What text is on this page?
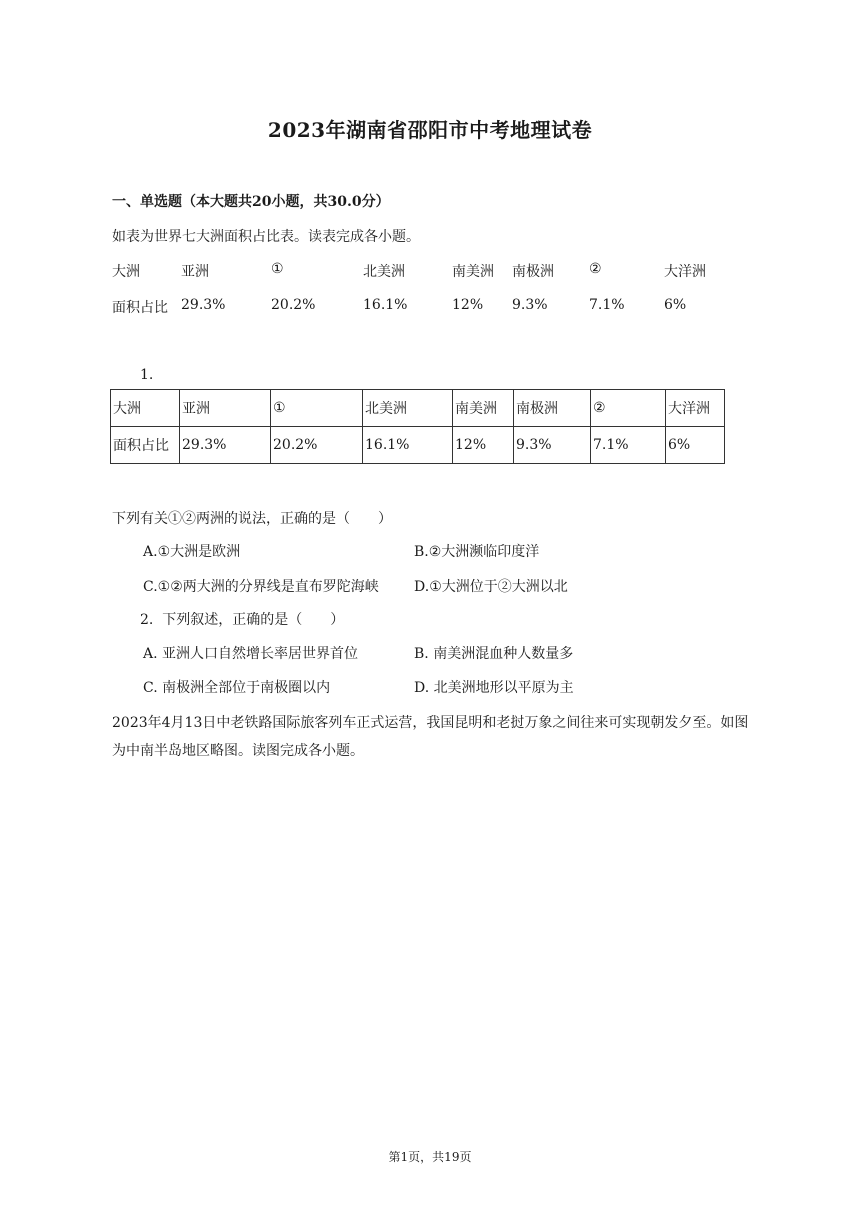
2023年湖南省邵阳市中考地理试卷
一、单选题（本大题共20小题，共30.0分）
如表为世界七大洲面积占比表。读表完成各小题。
大洲	亚洲	①	北美洲	南美洲 南极洲	②	大洋洲
面积占比 29.3%	20.2%	16.1%	12% 9.3%	7.1%	6%
1.
大洲	亚洲	①	北美洲	南美洲	南极洲	②	大洋洲
面积占比	29.3%	20.2%	16.1%	12%	9.3%	7.1%	6%
下列有关①②两洲的说法，正确的是（　　）
A.①大洲是欧洲	B.②大洲濒临印度洋
C.①②两大洲的分界线是直布罗陀海峡	D.①大洲位于②大洲以北
2. 下列叙述，正确的是（　　）
A. 亚洲人口自然增长率居世界首位	B. 南美洲混血种人数量多
C. 南极洲全部位于南极圈以内	D. 北美洲地形以平原为主
2023年4月13日中老铁路国际旅客列车正式运营，我国昆明和老挝万象之间往来可实现朝发夕至。如图为中南半岛地区略图。读图完成各小题。
第1页，共19页
